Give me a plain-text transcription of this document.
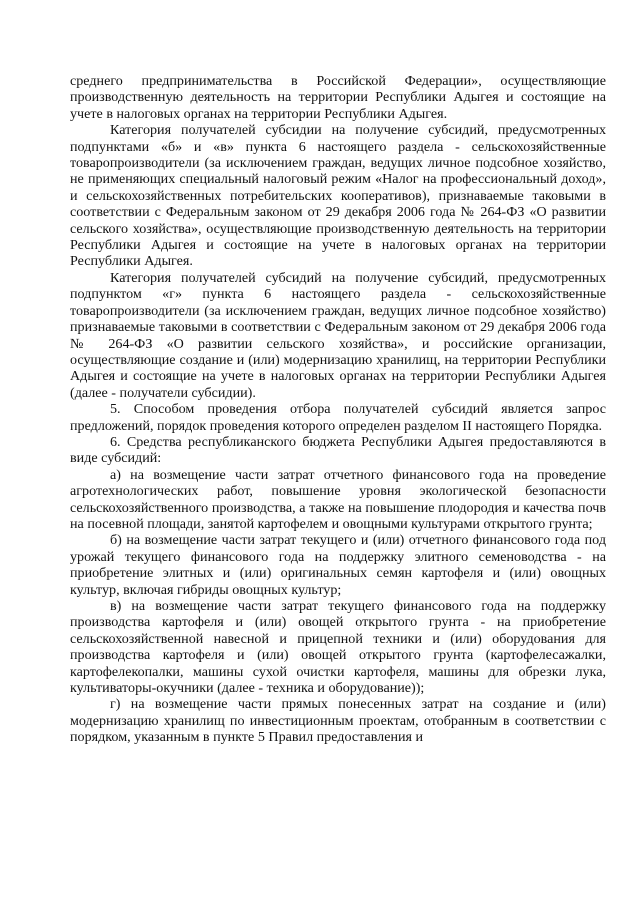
среднего предпринимательства в Российской Федерации», осуществляющие производственную деятельность на территории Республики Адыгея и состоящие на учете в налоговых органах на территории Республики Адыгея.

Категория получателей субсидии на получение субсидий, предусмотренных подпунктами «б» и «в» пункта 6 настоящего раздела - сельскохозяйственные товаропроизводители (за исключением граждан, ведущих личное подсобное хозяйство, не применяющих специальный налоговый режим «Налог на профессиональный доход», и сельскохозяйственных потребительских кооперативов), признаваемые таковыми в соответствии с Федеральным законом от 29 декабря 2006 года № 264-ФЗ «О развитии сельского хозяйства», осуществляющие производственную деятельность на территории Республики Адыгея и состоящие на учете в налоговых органах на территории Республики Адыгея.

Категория получателей субсидий на получение субсидий, предусмотренных подпунктом «г» пункта 6 настоящего раздела - сельскохозяйственные товаропроизводители (за исключением граждан, ведущих личное подсобное хозяйство) признаваемые таковыми в соответствии с Федеральным законом от 29 декабря 2006 года № 264-ФЗ «О развитии сельского хозяйства», и российские организации, осуществляющие создание и (или) модернизацию хранилищ, на территории Республики Адыгея и состоящие на учете в налоговых органах на территории Республики Адыгея (далее - получатели субсидии).

5. Способом проведения отбора получателей субсидий является запрос предложений, порядок проведения которого определен разделом II настоящего Порядка.

6. Средства республиканского бюджета Республики Адыгея предоставляются в виде субсидий:

а) на возмещение части затрат отчетного финансового года на проведение агротехнологических работ, повышение уровня экологической безопасности сельскохозяйственного производства, а также на повышение плодородия и качества почв на посевной площади, занятой картофелем и овощными культурами открытого грунта;

б) на возмещение части затрат текущего и (или) отчетного финансового года под урожай текущего финансового года на поддержку элитного семеноводства - на приобретение элитных и (или) оригинальных семян картофеля и (или) овощных культур, включая гибриды овощных культур;

в) на возмещение части затрат текущего финансового года на поддержку производства картофеля и (или) овощей открытого грунта - на приобретение сельскохозяйственной навесной и прицепной техники и (или) оборудования для производства картофеля и (или) овощей открытого грунта (картофелесажалки, картофелекопалки, машины сухой очистки картофеля, машины для обрезки лука, культиваторы-окучники (далее - техника и оборудование));

г) на возмещение части прямых понесенных затрат на создание и (или) модернизацию хранилищ по инвестиционным проектам, отобранным в соответствии с порядком, указанным в пункте 5 Правил предоставления и
